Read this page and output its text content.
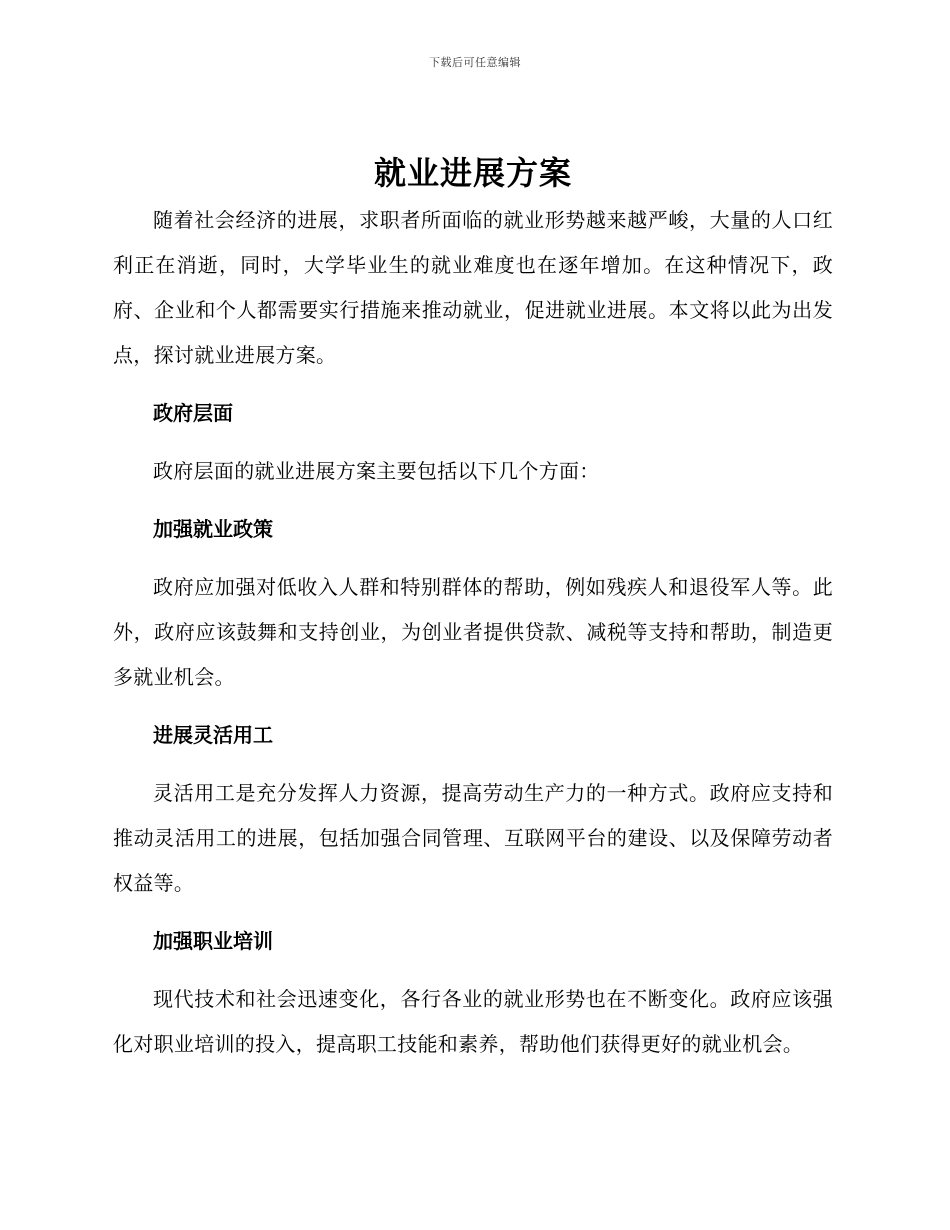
下载后可任意编辑
就业进展方案

随着社会经济的进展，求职者所面临的就业形势越来越严峻，大量的人口红利正在消逝，同时，大学毕业生的就业难度也在逐年增加。在这种情况下，政府、企业和个人都需要实行措施来推动就业，促进就业进展。本文将以此为出发点，探讨就业进展方案。

政府层面

政府层面的就业进展方案主要包括以下几个方面：

加强就业政策

政府应加强对低收入人群和特别群体的帮助，例如残疾人和退役军人等。此外，政府应该鼓舞和支持创业，为创业者提供贷款、减税等支持和帮助，制造更多就业机会。

进展灵活用工

灵活用工是充分发挥人力资源，提高劳动生产力的一种方式。政府应支持和推动灵活用工的进展，包括加强合同管理、互联网平台的建设、以及保障劳动者权益等。

加强职业培训

现代技术和社会迅速变化，各行各业的就业形势也在不断变化。政府应该强化对职业培训的投入，提高职工技能和素养，帮助他们获得更好的就业机会。
